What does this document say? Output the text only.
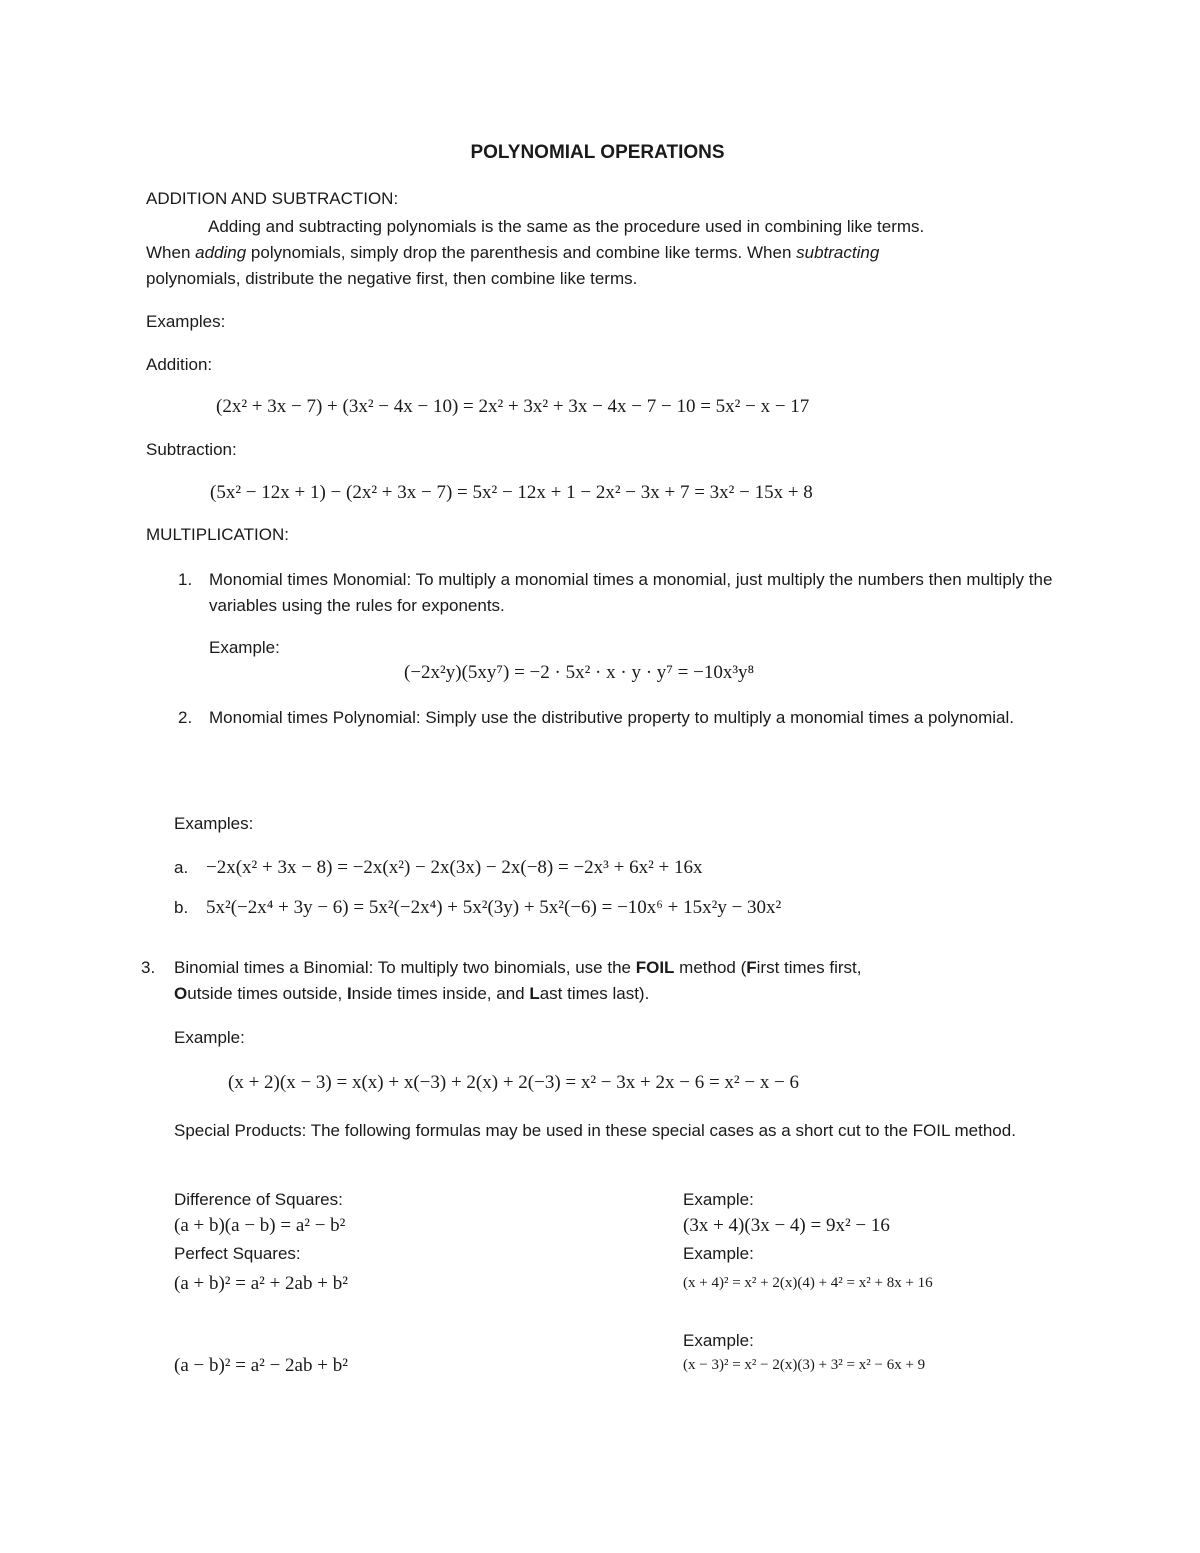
POLYNOMIAL OPERATIONS
ADDITION AND SUBTRACTION:

Adding and subtracting polynomials is the same as the procedure used in combining like terms.

When adding polynomials, simply drop the parenthesis and combine like terms. When subtracting

polynomials, distribute the negative first, then combine like terms.

Examples:
Addition:
(2x² + 3x − 7) + (3x² − 4x − 10) = 2x² + 3x² + 3x − 4x − 7 − 10 = 5x² − x − 17
Subtraction:
(5x² − 12x + 1) − (2x² + 3x − 7) = 5x² − 12x + 1 − 2x² − 3x + 7 = 3x² − 15x + 8
MULTIPLICATION:
1. Monomial times Monomial: To multiply a monomial times a monomial, just multiply the numbers then multiply the variables using the rules for exponents.
Example:
(−2x²y)(5xy⁷) = −2 · 5x² · x · y · y⁷ = −10x³y⁸
2. Monomial times Polynomial: Simply use the distributive property to multiply a monomial times a polynomial.
Examples:
a. −2x(x² + 3x − 8) = −2x(x²) − 2x(3x) − 2x(−8) = −2x³ + 6x² + 16x
b. 5x²(−2x⁴ + 3y − 6) = 5x²(−2x⁴) + 5x²(3y) + 5x²(−6) = −10x⁶ + 15x²y − 30x²
3.	Binomial times a Binomial: To multiply two binomials, use the FOIL method (First times first,
Outside times outside, Inside times inside, and Last times last).
Example:
(x + 2)(x − 3) = x(x) + x(−3) + 2(x) + 2(−3) = x² − 3x + 2x − 6 = x² − x − 6
Special Products: The following formulas may be used in these special cases as a short cut to the FOIL method.
Difference of Squares:
(a + b)(a − b) = a² − b²
Perfect Squares:
(a + b)² = a² + 2ab + b²
(a − b)² = a² − 2ab + b²
Example:
(3x + 4)(3x − 4) = 9x² − 16
Example:
(x + 4)² = x² + 2(x)(4) + 4² = x² + 8x + 16
Example:
(x − 3)² = x² − 2(x)(3) + 3² = x² − 6x + 9
